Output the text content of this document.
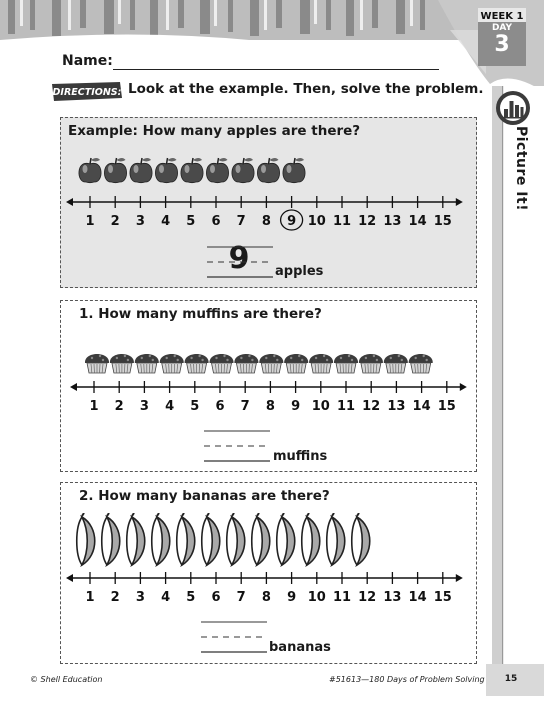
WEEK 1
DAY
3
Name:
DIRECTIONS: Look at the example. Then, solve the problem.
Picture It!
Example: How many apples are there?
1 2 3 4 5 6 7 8 9 10 11 12 13 14 15
9	apples
1. How many muffins are there?
1 2 3 4 5 6 7 8 9 10 11 12 13 14 15
muffins
2. How many bananas are there?
1 2 3 4 5 6 7 8 9 10 11 12 13 14 15
bananas
© Shell Education	#51613—180 Days of Problem Solving	15
